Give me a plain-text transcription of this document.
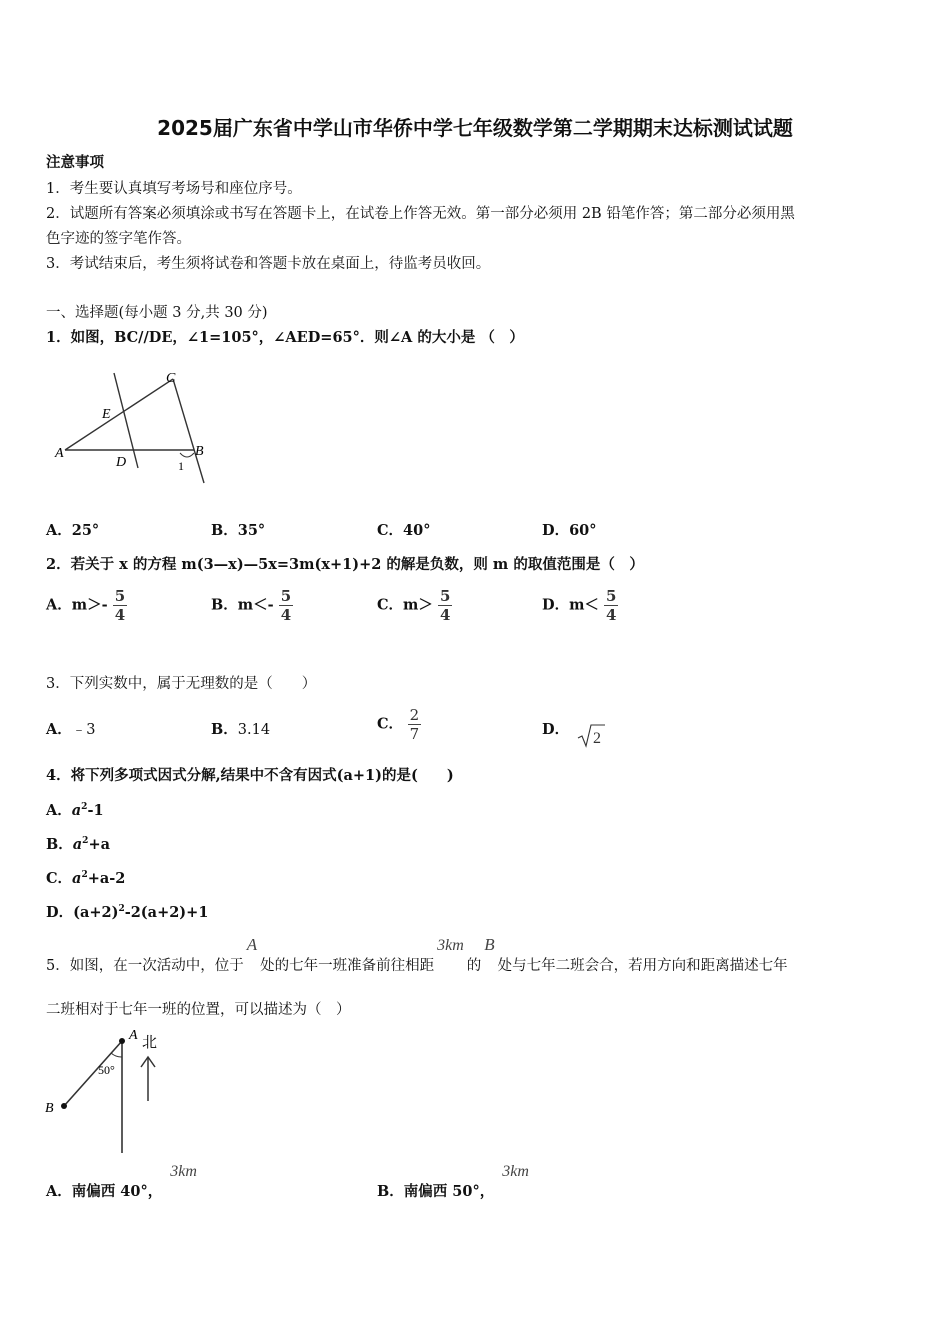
2025届广东省中学山市华侨中学七年级数学第二学期期末达标测试试题
注意事项
1．考生要认真填写考场号和座位序号。
2．试题所有答案必须填涂或书写在答题卡上，在试卷上作答无效。第一部分必须用 2B 铅笔作答；第二部分必须用黑
色字迹的签字笔作答。
3．考试结束后，考生须将试卷和答题卡放在桌面上，待监考员收回。
一、选择题(每小题 3 分,共 30 分)
1．如图，BC//DE，∠1=105°，∠AED=65°．则∠A 的大小是 （　）
A
C
E
D
B
1
A．25°	B．35°	C．40°	D．60°
2．若关于 x 的方程 m(3—x)—5x=3m(x+1)+2 的解是负数，则 m 的取值范围是（　）
A．$m>- \frac{5}{4}$	B．$m<- \frac{5}{4}$	C．$m> \frac{5}{4}$	D．$m< \frac{5}{4}$
3．下列实数中，属于无理数的是（　　）
A．﹣3	B．3.14	C． $\frac{2}{7}$	D．
2
4．将下列多项式因式分解,结果中不含有因式(a+1)的是(　　)
A．$a^2-1$
B．$a^2+a$
C．$a^2+a-2$
D．$(a+2)^2-2(a+2)+1$
5．如图，在一次活动中，位于A处的七年一班准备前往相距3km的B处与七年二班会合，若用方向和距离描述七年
二班相对于七年一班的位置，可以描述为（　）
A 北
50°
B
A．南偏西 40°，3km
B．南偏西 50°，3km
